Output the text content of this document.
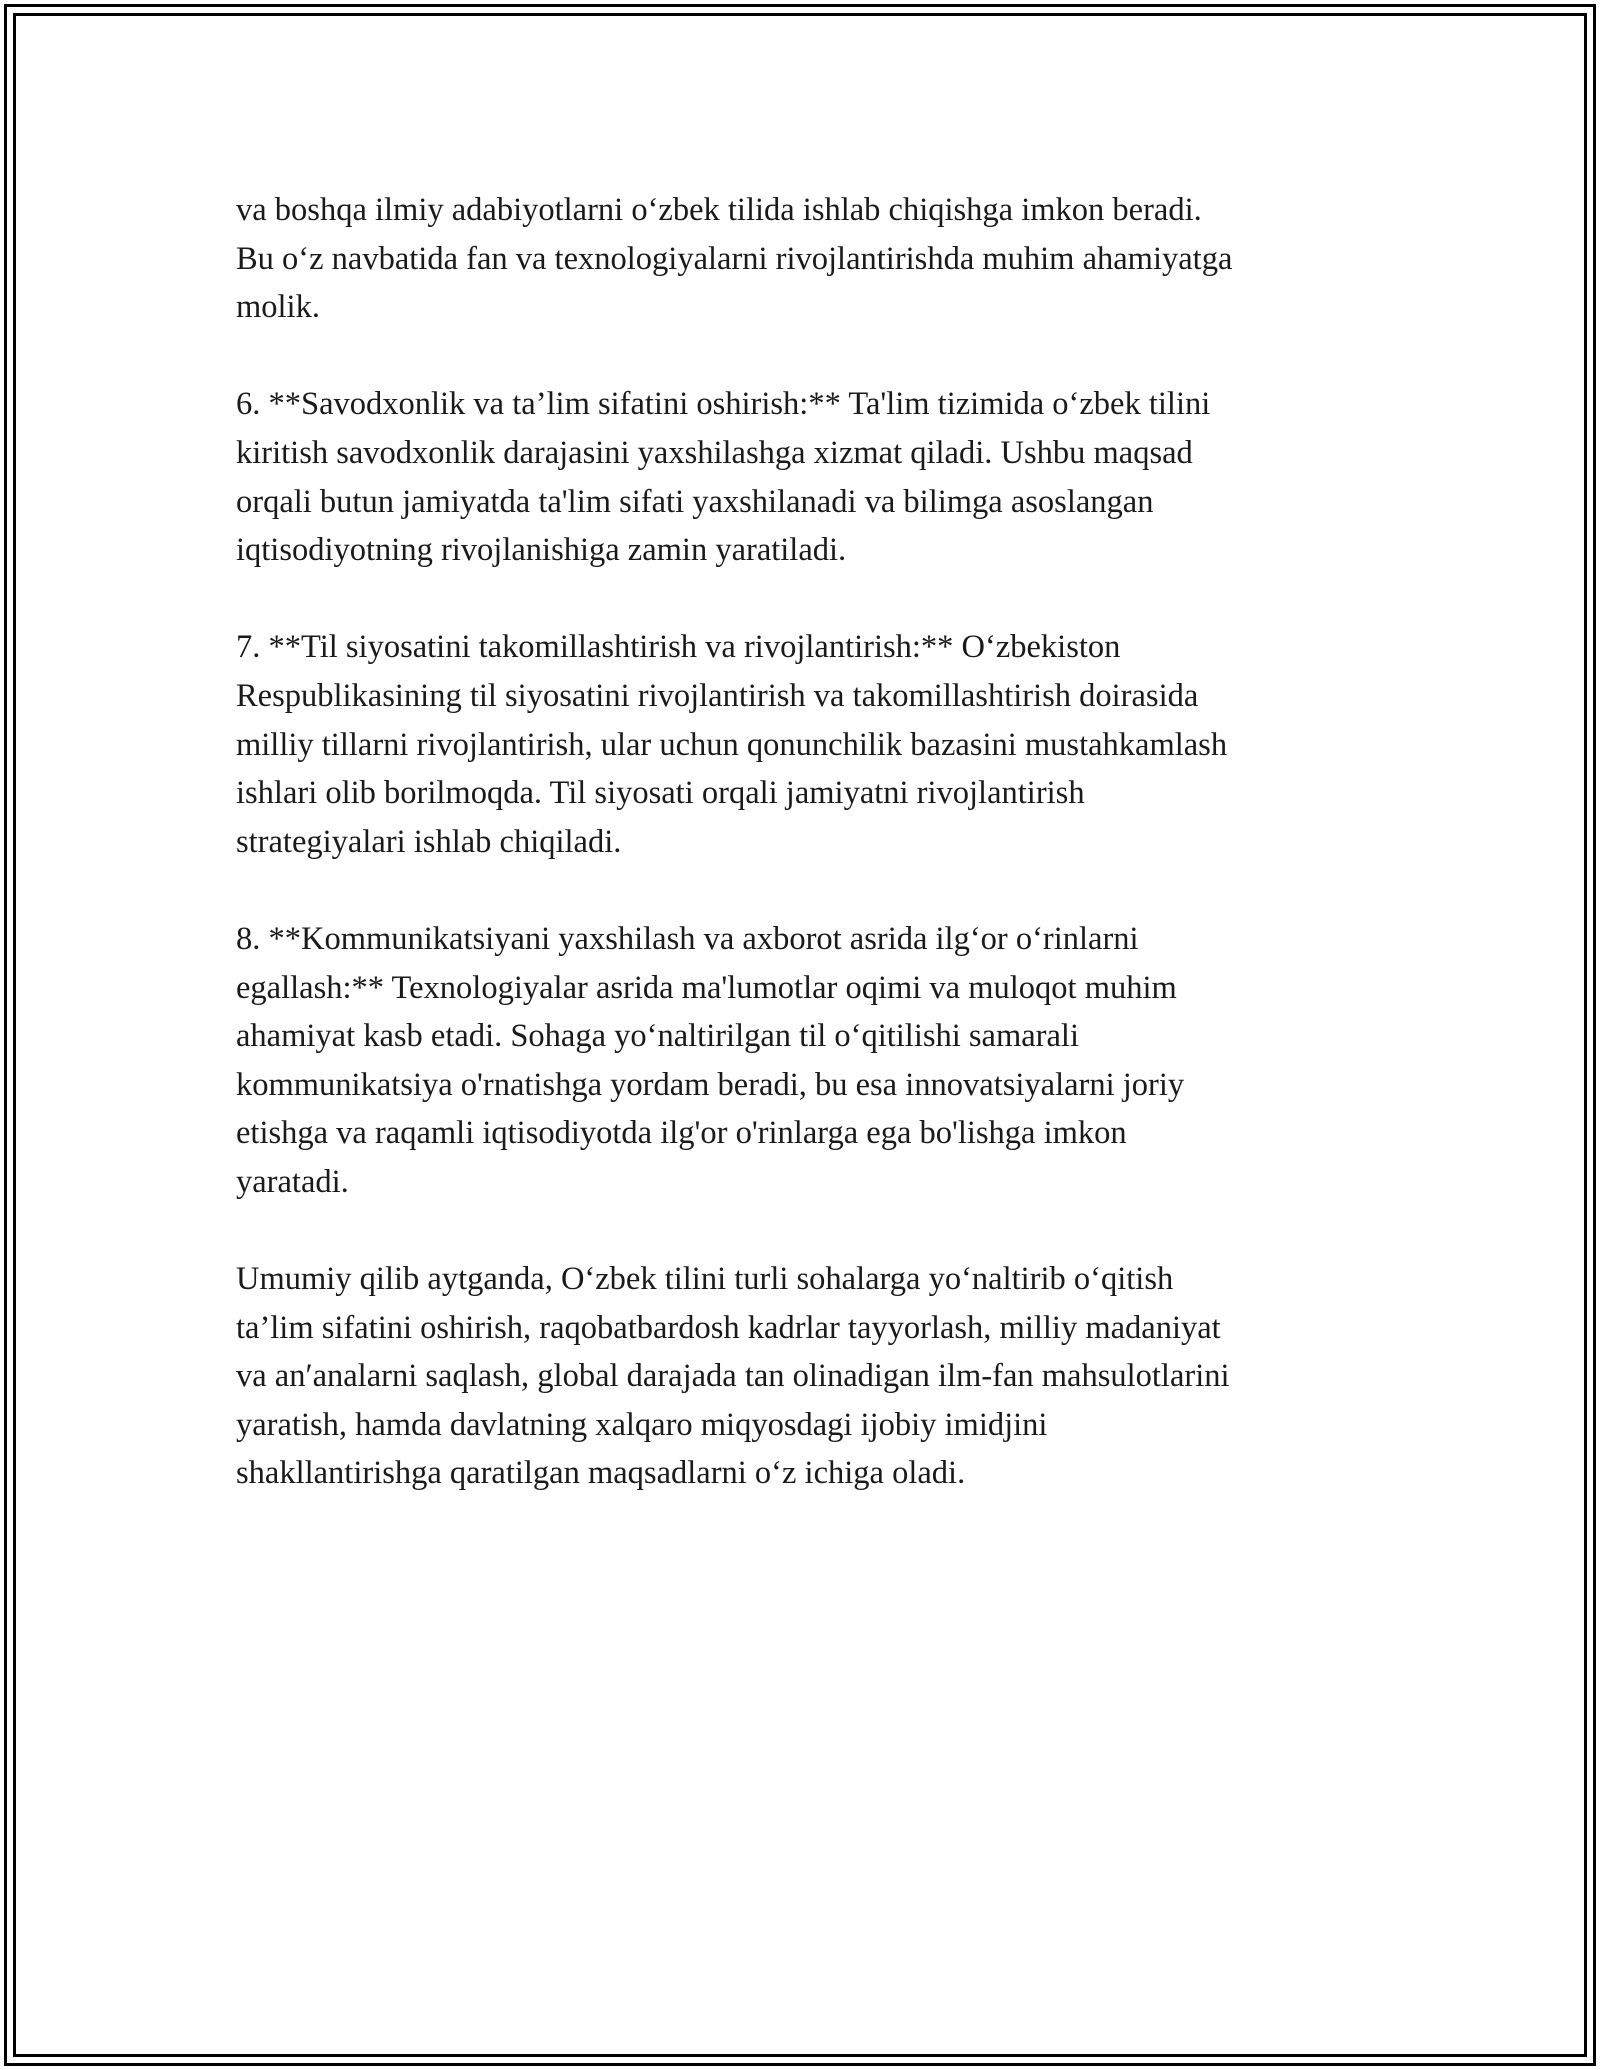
va boshqa ilmiy adabiyotlarni o‘zbek tilida ishlab chiqishga imkon beradi.
Bu o‘z navbatida fan va texnologiyalarni rivojlantirishda muhim ahamiyatga
molik.

6. **Savodxonlik va ta’lim sifatini oshirish:** Ta'lim tizimida o‘zbek tilini
kiritish savodxonlik darajasini yaxshilashga xizmat qiladi. Ushbu maqsad
orqali butun jamiyatda ta'lim sifati yaxshilanadi va bilimga asoslangan
iqtisodiyotning rivojlanishiga zamin yaratiladi.

7. **Til siyosatini takomillashtirish va rivojlantirish:** O‘zbekiston
Respublikasining til siyosatini rivojlantirish va takomillashtirish doirasida
milliy tillarni rivojlantirish, ular uchun qonunchilik bazasini mustahkamlash
ishlari olib borilmoqda. Til siyosati orqali jamiyatni rivojlantirish
strategiyalari ishlab chiqiladi.

8. **Kommunikatsiyani yaxshilash va axborot asrida ilg‘or o‘rinlarni
egallash:** Texnologiyalar asrida ma'lumotlar oqimi va muloqot muhim
ahamiyat kasb etadi. Sohaga yo‘naltirilgan til o‘qitilishi samarali
kommunikatsiya o'rnatishga yordam beradi, bu esa innovatsiyalarni joriy
etishga va raqamli iqtisodiyotda ilg'or o'rinlarga ega bo'lishga imkon
yaratadi.

Umumiy qilib aytganda, O‘zbek tilini turli sohalarga yo‘naltirib o‘qitish
ta’lim sifatini oshirish, raqobatbardosh kadrlar tayyorlash, milliy madaniyat
va an′analarni saqlash, global darajada tan olinadigan ilm-fan mahsulotlarini
yaratish, hamda davlatning xalqaro miqyosdagi ijobiy imidjini
shakllantirishga qaratilgan maqsadlarni o‘z ichiga oladi.
